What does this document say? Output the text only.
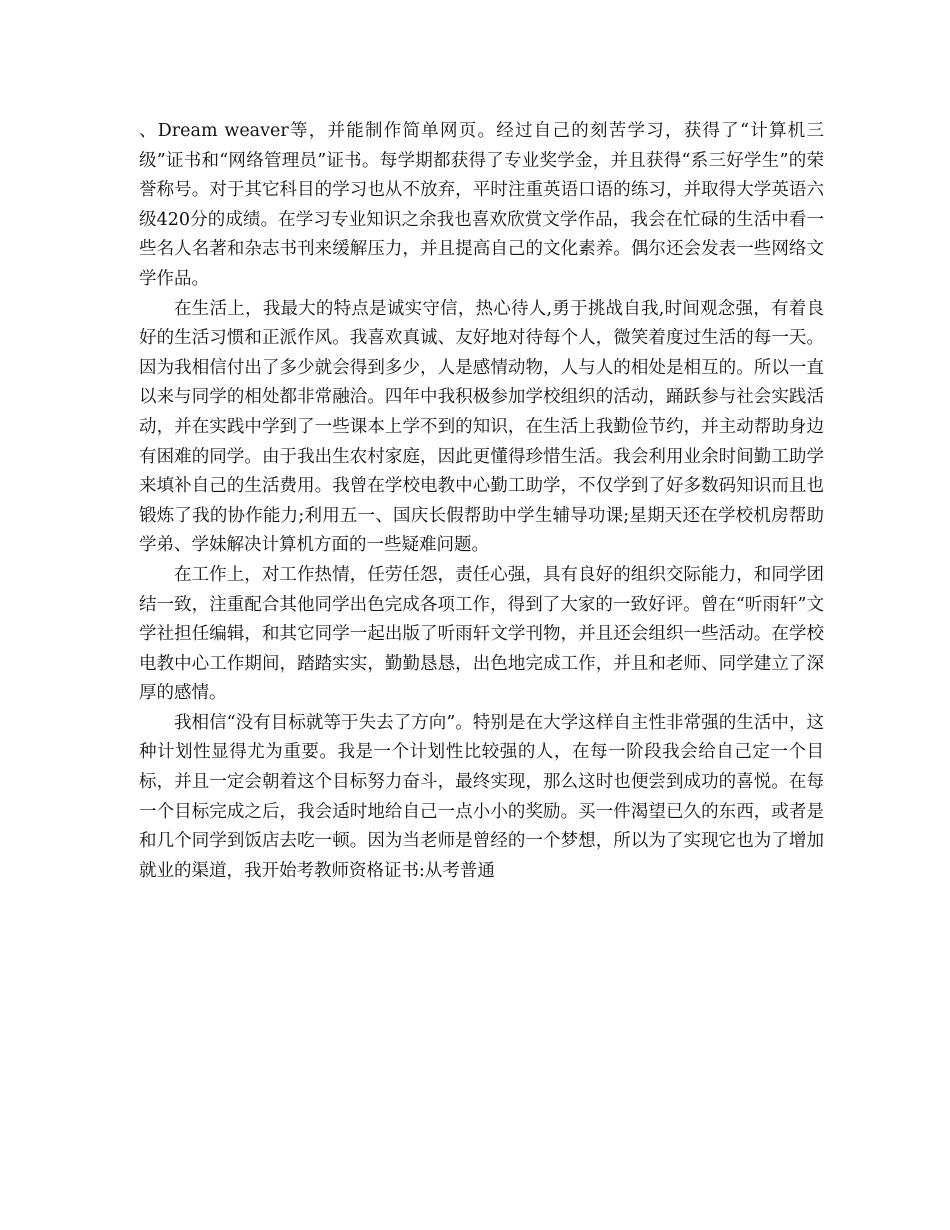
、Dream weaver等，并能制作简单网页。经过自己的刻苦学习，获得了“计算机三级”证书和“网络管理员”证书。每学期都获得了专业奖学金，并且获得“系三好学生”的荣誉称号。对于其它科目的学习也从不放弃，平时注重英语口语的练习，并取得大学英语六级420分的成绩。在学习专业知识之余我也喜欢欣赏文学作品，我会在忙碌的生活中看一些名人名著和杂志书刊来缓解压力，并且提高自己的文化素养。偶尔还会发表一些网络文学作品。

在生活上，我最大的特点是诚实守信，热心待人,勇于挑战自我,时间观念强，有着良好的生活习惯和正派作风。我喜欢真诚、友好地对待每个人，微笑着度过生活的每一天。因为我相信付出了多少就会得到多少，人是感情动物，人与人的相处是相互的。所以一直以来与同学的相处都非常融洽。四年中我积极参加学校组织的活动，踊跃参与社会实践活动，并在实践中学到了一些课本上学不到的知识，在生活上我勤俭节约，并主动帮助身边有困难的同学。由于我出生农村家庭，因此更懂得珍惜生活。我会利用业余时间勤工助学来填补自己的生活费用。我曾在学校电教中心勤工助学，不仅学到了好多数码知识而且也锻炼了我的协作能力;利用五一、国庆长假帮助中学生辅导功课;星期天还在学校机房帮助学弟、学妹解决计算机方面的一些疑难问题。

在工作上，对工作热情，任劳任怨，责任心强，具有良好的组织交际能力，和同学团结一致，注重配合其他同学出色完成各项工作，得到了大家的一致好评。曾在“听雨轩”文学社担任编辑，和其它同学一起出版了听雨轩文学刊物，并且还会组织一些活动。在学校电教中心工作期间，踏踏实实，勤勤恳恳，出色地完成工作，并且和老师、同学建立了深厚的感情。

我相信“没有目标就等于失去了方向”。特别是在大学这样自主性非常强的生活中，这种计划性显得尤为重要。我是一个计划性比较强的人，在每一阶段我会给自己定一个目标，并且一定会朝着这个目标努力奋斗，最终实现，那么这时也便尝到成功的喜悦。在每一个目标完成之后，我会适时地给自己一点小小的奖励。买一件渴望已久的东西，或者是和几个同学到饭店去吃一顿。因为当老师是曾经的一个梦想，所以为了实现它也为了增加就业的渠道，我开始考教师资格证书:从考普通
